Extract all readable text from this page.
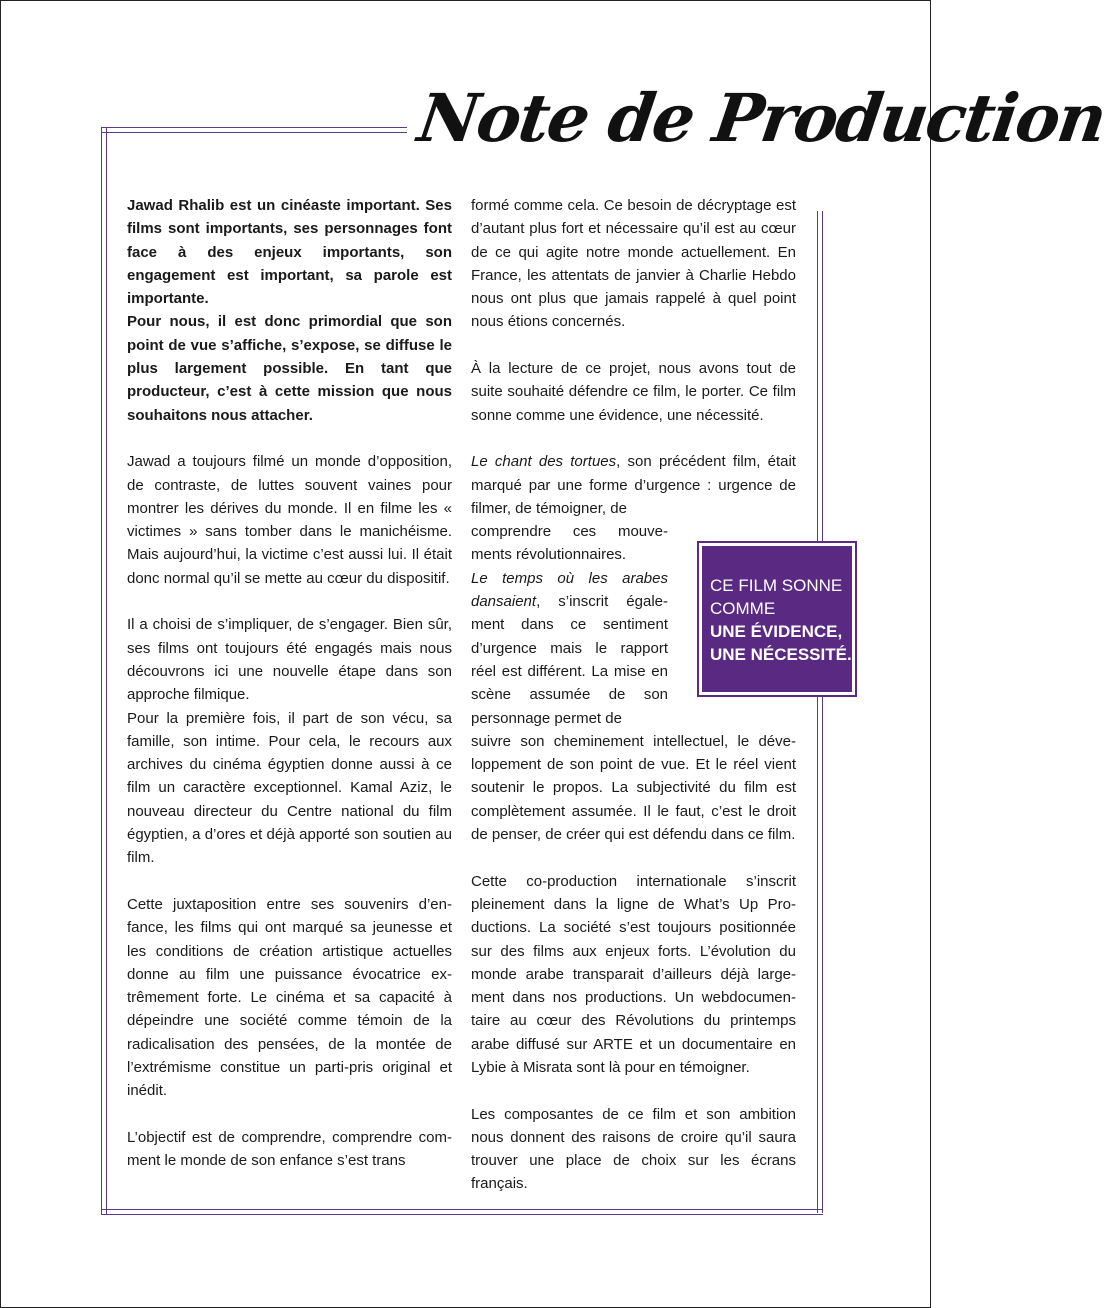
Note de Production

Jawad Rhalib est un cinéaste important. Ses films sont importants, ses personnages font face à des enjeux importants, son engagement est important, sa parole est importante.

Pour nous, il est donc primordial que son point de vue s’affiche, s’expose, se diffuse le plus largement possible. En tant que producteur, c’est à cette mission que nous souhaitons nous attacher.

Jawad a toujours filmé un monde d’opposition, de contraste, de luttes souvent vaines pour montrer les dérives du monde. Il en filme les « victimes » sans tomber dans le manichéisme. Mais aujourd’hui, la victime c’est aussi lui. Il était donc normal qu’il se mette au cœur du dispositif.

Il a choisi de s’impliquer, de s’engager. Bien sûr, ses films ont toujours été engagés mais nous découvrons ici une nouvelle étape dans son approche filmique.

Pour la première fois, il part de son vécu, sa famille, son intime. Pour cela, le recours aux archives du cinéma égyptien donne aussi à ce film un caractère exceptionnel. Kamal Aziz, le nouveau directeur du Centre national du film égyptien, a d’ores et déjà apporté son soutien au film.

Cette juxtaposition entre ses souvenirs d’enfance, les films qui ont marqué sa jeunesse et les conditions de création artistique actuelles donne au film une puissance évocatrice extrêmement forte. Le cinéma et sa capacité à dépeindre une société comme témoin de la radicalisation des pensées, de la montée de l’extrémisme constitue un parti-pris original et inédit.

L’objectif est de comprendre, comprendre comment le monde de son enfance s’est trans

formé comme cela. Ce besoin de décryptage est d’autant plus fort et nécessaire qu’il est au cœur de ce qui agite notre monde actuellement. En France, les attentats de janvier à Charlie Hebdo nous ont plus que jamais rappelé à quel point nous étions concernés.

À la lecture de ce projet, nous avons tout de suite souhaité défendre ce film, le porter. Ce film sonne comme une évidence, une nécessité.

Le chant des tortues, son précédent film, était marqué par une forme d’urgence : urgence de filmer, de témoigner, de

comprendre ces mouvements révolutionnaires.

Le temps où les arabes dansaient, s’inscrit également dans ce sentiment d’urgence mais le rapport réel est différent. La mise en scène assumée de son personnage permet de

suivre son cheminement intellectuel, le développement de son point de vue. Et le réel vient soutenir le propos. La subjectivité du film est complètement assumée. Il le faut, c’est le droit de penser, de créer qui est défendu dans ce film.

Cette co-production internationale s’inscrit pleinement dans la ligne de What’s Up Productions. La société s’est toujours positionnée sur des films aux enjeux forts. L’évolution du monde arabe transparait d’ailleurs déjà largement dans nos productions. Un webdocumentaire au cœur des Révolutions du printemps arabe diffusé sur ARTE et un documentaire en Lybie à Misrata sont là pour en témoigner.

Les composantes de ce film et son ambition nous donnent des raisons de croire qu’il saura trouver une place de choix sur les écrans français.

CE FILM SONNE
COMME
UNE ÉVIDENCE,
UNE NÉCESSITÉ.
